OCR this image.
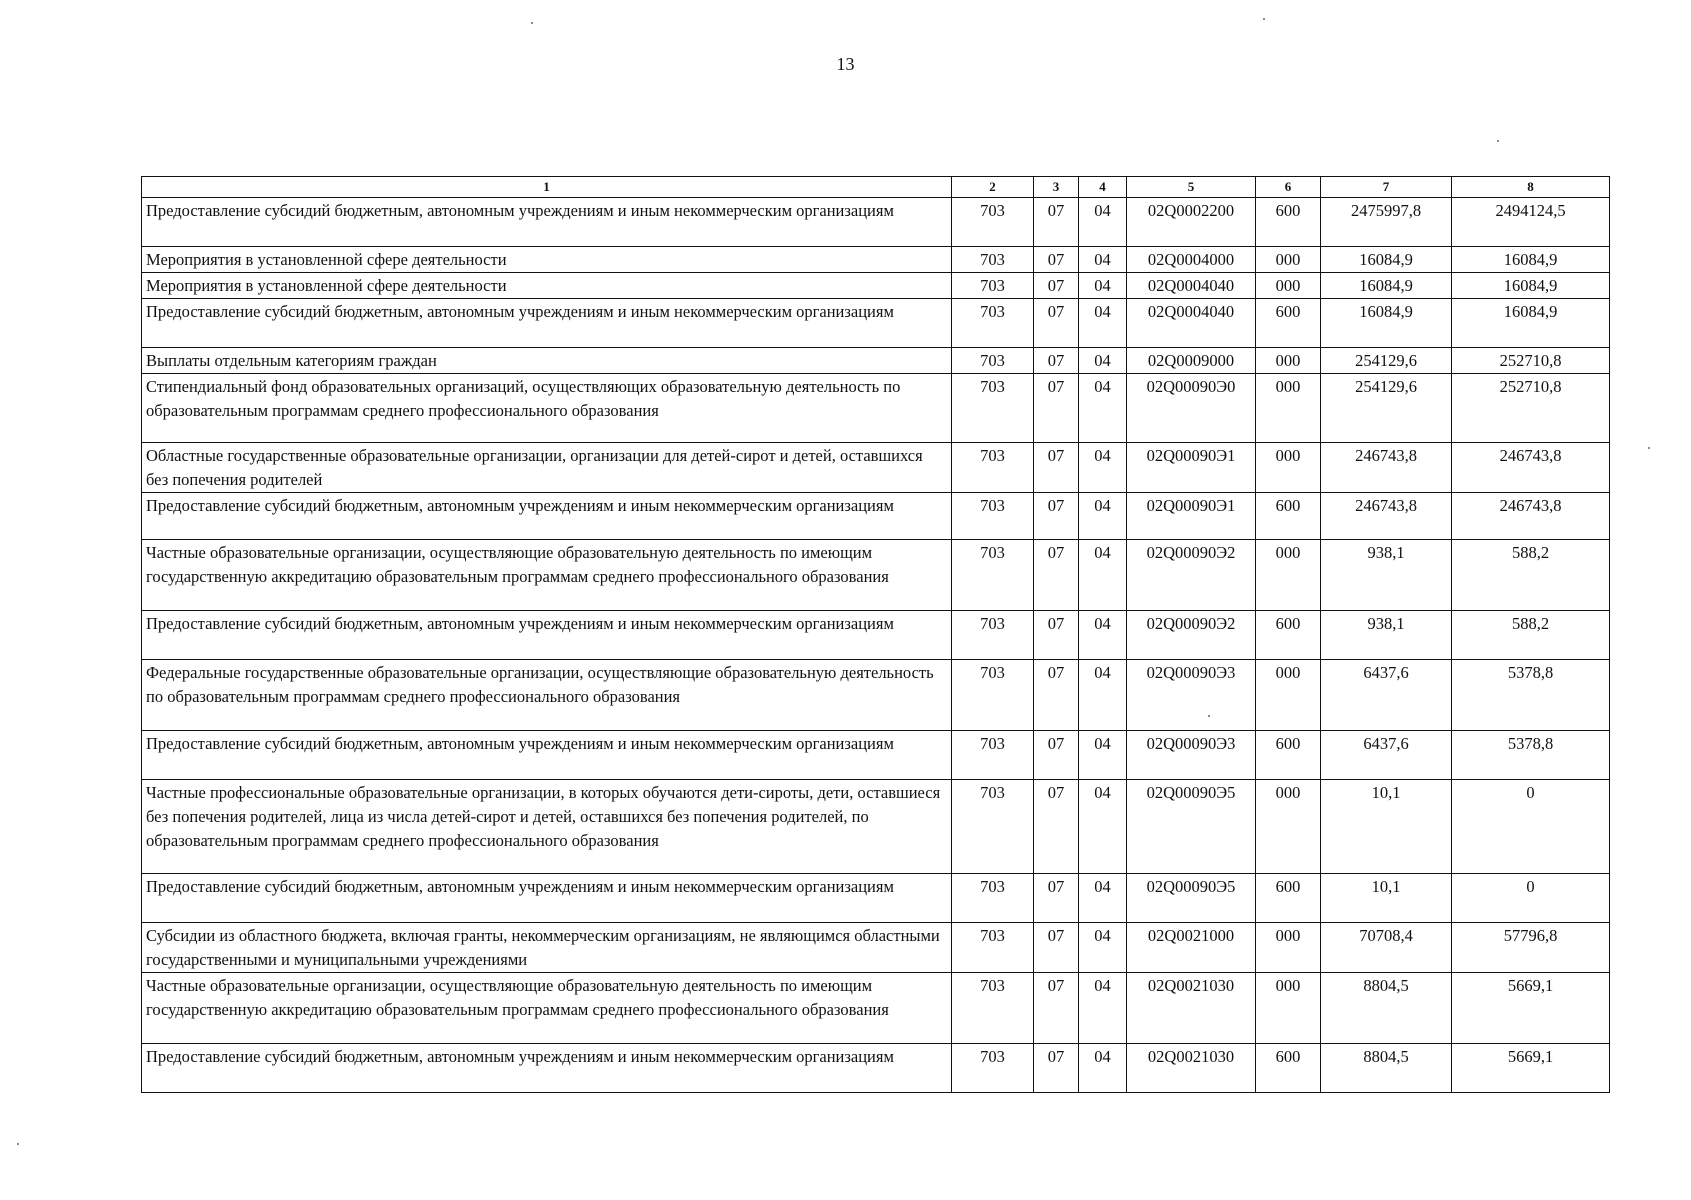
13
1	2	3	4	5	6	7	8
Предоставление субсидий бюджетным, автономным учреждениям и иным некоммерческим организациям	703	07	04	02Q0002200	600	2475997,8	2494124,5
Мероприятия в установленной сфере деятельности	703	07	04	02Q0004000	000	16084,9	16084,9
Мероприятия в установленной сфере деятельности	703	07	04	02Q0004040	000	16084,9	16084,9
Предоставление субсидий бюджетным, автономным учреждениям и иным некоммерческим организациям	703	07	04	02Q0004040	600	16084,9	16084,9
Выплаты отдельным категориям граждан	703	07	04	02Q0009000	000	254129,6	252710,8
Стипендиальный фонд образовательных организаций, осуществляющих образовательную деятельность по образовательным программам среднего профессионального образования	703	07	04	02Q00090Э0	000	254129,6	252710,8
Областные государственные образовательные организации, организации для детей-сирот и детей, оставшихся без попечения родителей	703	07	04	02Q00090Э1	000	246743,8	246743,8
Предоставление субсидий бюджетным, автономным учреждениям и иным некоммерческим организациям	703	07	04	02Q00090Э1	600	246743,8	246743,8
Частные образовательные организации, осуществляющие образовательную деятельность по имеющим государственную аккредитацию образовательным программам среднего профессионального образования	703	07	04	02Q00090Э2	000	938,1	588,2
Предоставление субсидий бюджетным, автономным учреждениям и иным некоммерческим организациям	703	07	04	02Q00090Э2	600	938,1	588,2
Федеральные государственные образовательные организации, осуществляющие образовательную деятельность по образовательным программам среднего профессионального образования	703	07	04	02Q00090Э3	000	6437,6	5378,8
Предоставление субсидий бюджетным, автономным учреждениям и иным некоммерческим организациям	703	07	04	02Q00090Э3	600	6437,6	5378,8
Частные профессиональные образовательные организации, в которых обучаются дети-сироты, дети, оставшиеся без попечения родителей, лица из числа детей-сирот и детей, оставшихся без попечения родителей, по образовательным программам среднего профессионального образования	703	07	04	02Q00090Э5	000	10,1	0
Предоставление субсидий бюджетным, автономным учреждениям и иным некоммерческим организациям	703	07	04	02Q00090Э5	600	10,1	0
Субсидии из областного бюджета, включая гранты, некоммерческим организациям, не являющимся областными государственными и муниципальными учреждениями	703	07	04	02Q0021000	000	70708,4	57796,8
Частные образовательные организации, осуществляющие образовательную деятельность по имеющим государственную аккредитацию образовательным программам среднего профессионального образования	703	07	04	02Q0021030	000	8804,5	5669,1
Предоставление субсидий бюджетным, автономным учреждениям и иным некоммерческим организациям	703	07	04	02Q0021030	600	8804,5	5669,1
